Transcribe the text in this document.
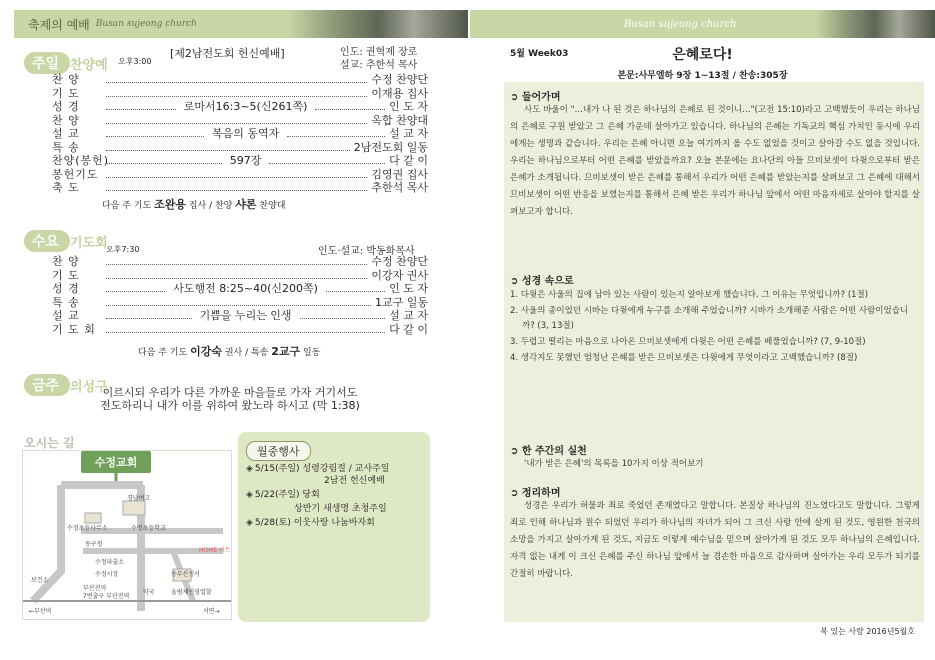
축제의 예배 Busan sujeong church
주일 찬양예 오후3:00
[제2남전도회 헌신예배]	인도: 권혁제 장로
설교: 추한석 목사
찬 양	수정 찬양단
기 도	이재용 집사
성 경	로마서16:3~5(신261쪽)	인 도 자
찬 양	옥합 찬양대
설 교	복음의 동역자	설 교 자
특 송	2남전도회 일동
찬양(봉헌)	597장	다 같 이
봉헌기도	김영권 집사
축 도	추한석 목사
다음 주 기도 조완용 집사 / 찬양 샤론 찬양대
수요 기도회
오후7:30	인도·설교: 박동화목사
찬 양	수정 찬양단
기 도	이강자 권사
성 경	사도행전 8:25~40(신200쪽)	인 도 자
특 송	1교구 일동
설 교	기쁨을 누리는 인생	설 교 자
기 도 회	다 같 이
다음 주 기도 이강숙 권사 / 특송 2교구 일동
금주 의성구
이르시되 우리가 다른 가까운 마을들로 가자 거기서도
전도하리니 내가 이를 위하여 왔노라 하시고 (막 1:38)
오시는 길
수정교회
경남여고
수정초등사무소	수정초등학교
동구청
수정파출소
수정시장
부산진역
7번출구 부산진역
약국
동부산정서
울림체인영업할
HOME 마트
←부산역	서면→
보건소
월중행사
◈ 5/15(주일) 성령강림절 / 교사주일
2남전 헌신예배
◈ 5/22(주일) 당회
상반기 새생명 초청주일
◈ 5/28(토) 이웃사랑 나눔바자회
Busan sujeong church
5월 Week03	은혜로다!
본문:사무엘하 9장 1~13절 / 찬송:305장
➲ 들어가며
사도 바울이 "…내가 나 된 것은 하나님의 은혜로 된 것이니…"(고전 15:10)라고 고백했듯이 우리는 하나님의 은혜로 구원 받았고 그 은혜 가운데 살아가고 있습니다. 하나님의 은혜는 기독교의 핵심 가치인 동시에 우리에게는 생명과 같습니다. 우리는 은혜 아니면 오늘 여기까지 올 수도 없었을 것이고 살아갈 수도 없을 것입니다. 우리는 하나님으로부터 어떤 은혜를 받았을까요? 오늘 본문에는 요나단의 아들 므비보셋이 다윗으로부터 받은 은혜가 소개됩니다. 므비보셋이 받은 은혜를 통해서 우리가 어떤 은혜를 받았는지를 살펴보고 그 은혜에 대해서 므비보셋이 어떤 반응을 보였는지를 통해서 은혜 받은 우리가 하나님 앞에서 어떤 마음자세로 살아야 할지를 살펴보고자 합니다.
➲ 성경 속으로
1. 다윗은 사울의 집에 남아 있는 사람이 있는지 알아보게 했습니다. 그 이유는 무엇입니까? (1절)
2. 사울의 종이었던 시바는 다윗에게 누구를 소개해 주었습니까? 시바가 소개해준 사람은 어떤 사람이었습니까? (3, 13절)
3. 두렵고 떨리는 마음으로 나아온 므비보셋에게 다윗은 어떤 은혜를 베풀었습니까? (7, 9-10절)
4. 생각지도 못했던 엄청난 은혜를 받은 므비보셋은 다윗에게 무엇이라고 고백했습니까? (8절)
➲ 한 주간의 실천
'내가 받은 은혜'의 목록을 10가지 이상 적어보기
➲ 정리하며
성경은 우리가 허물과 죄로 죽었던 존재였다고 말합니다. 본질상 하나님의 진노였다고도 말합니다. 그렇게 죄로 인해 하나님과 원수 되었던 우리가 하나님의 자녀가 되어 그 크신 사랑 안에 살게 된 것도, 영원한 천국의 소망을 가지고 살아가게 된 것도, 지금도 이렇게 예수님을 믿으며 살아가게 된 것도 모두 하나님의 은혜입니다. 자격 없는 내게 이 크신 은혜를 주신 하나님 앞에서 늘 겸손한 마음으로 감사하며 살아가는 우리 모두가 되기를 간절히 바랍니다.
복 있는 사람 2016년5월호
